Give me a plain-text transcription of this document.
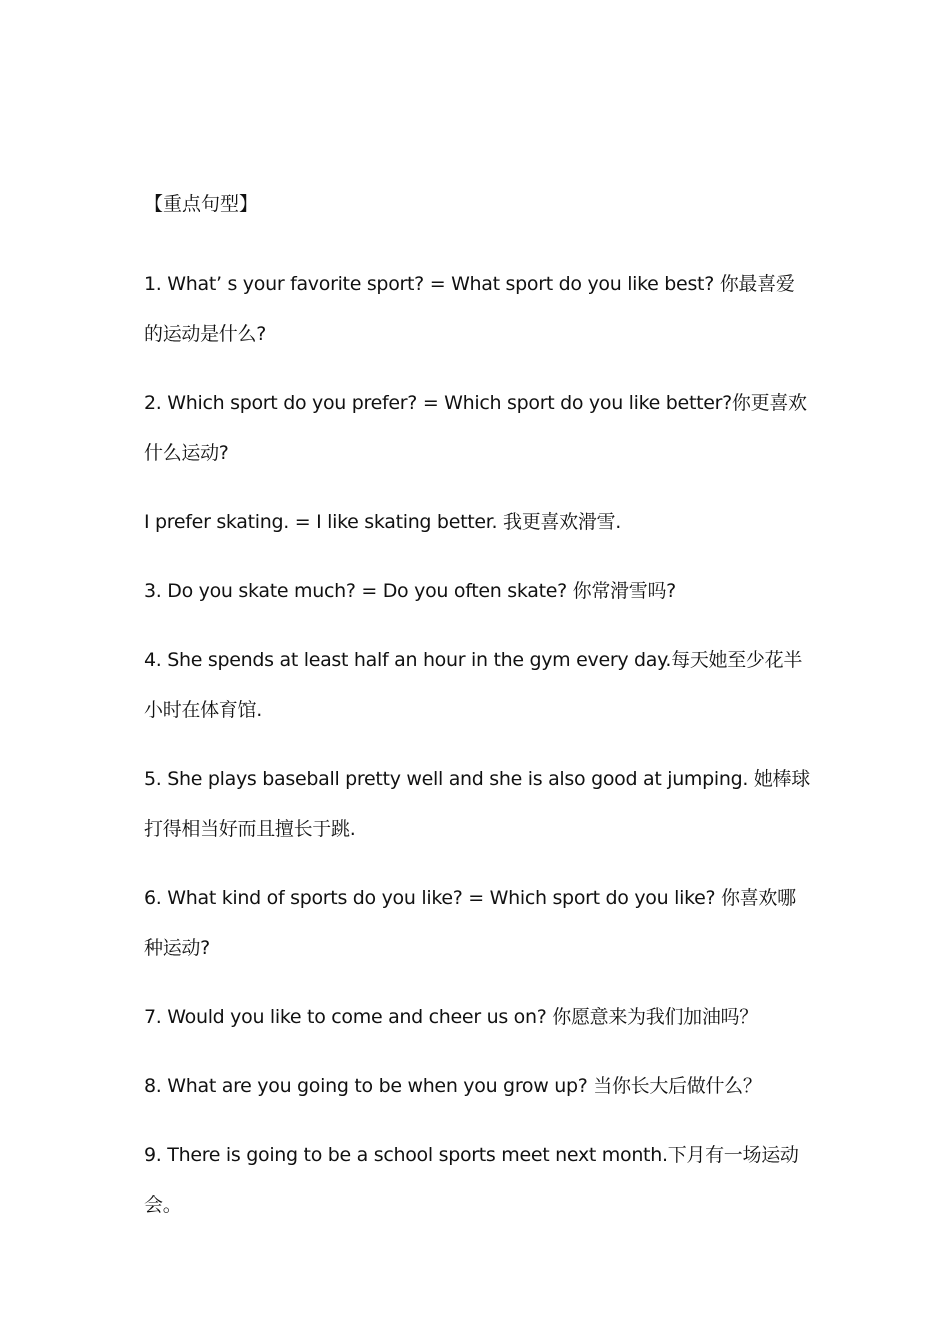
【重点句型】
1. What’ s your favorite sport? = What sport do you like best? 你最喜爱的运动是什么?
2. Which sport do you prefer? = Which sport do you like better?你更喜欢什么运动?
I prefer skating. = I like skating better. 我更喜欢滑雪.
3. Do you skate much? = Do you often skate? 你常滑雪吗?
4. She spends at least half an hour in the gym every day.每天她至少花半小时在体育馆.
5. She plays baseball pretty well and she is also good at jumping. 她棒球打得相当好而且擅长于跳.
6. What kind of sports do you like? = Which sport do you like? 你喜欢哪种运动?
7. Would you like to come and cheer us on? 你愿意来为我们加油吗？
8. What are you going to be when you grow up? 当你长大后做什么？
9. There is going to be a school sports meet next month.下月有一场运动会。
